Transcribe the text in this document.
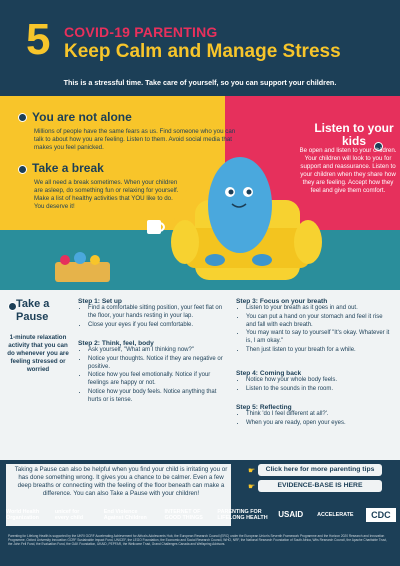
5 COVID-19 PARENTING
Keep Calm and Manage Stress
This is a stressful time. Take care of yourself, so you can support your children.
You are not alone
Millions of people have the same fears as us. Find someone who you can talk to about how you are feeling. Listen to them. Avoid social media that makes you feel panicked.
Take a break
We all need a break sometimes. When your children are asleep, do something fun or relaxing for yourself. Make a list of healthy activities that YOU like to do. You deserve it!
Listen to your kids
Be open and listen to your children. Your children will look to you for support and reassurance. Listen to your children when they share how they are feeling. Accept how they feel and give them comfort.
Take a Pause
1-minute relaxation activity that you can do whenever you are feeling stressed or worried
Step 1: Set up
• Find a comfortable sitting position, your feet flat on the floor, your hands resting in your lap.
• Close your eyes if you feel comfortable.
Step 2: Think, feel, body
• Ask yourself, "What am I thinking now?"
• Notice your thoughts. Notice if they are negative or positive.
• Notice how you feel emotionally. Notice if your feelings are happy or not.
• Notice how your body feels. Notice anything that hurts or is tense.
Step 3: Focus on your breath
• Listen to your breath as it goes in and out.
• You can put a hand on your stomach and feel it rise and fall with each breath.
• You may want to say to yourself "It's okay. Whatever it is, I am okay."
• Then just listen to your breath for a while.
Step 4: Coming back
• Notice how your whole body feels.
• Listen to the sounds in the room.
Step 5: Reflecting
• Think 'do I feel different at all?'.
• When you are ready, open your eyes.
Taking a Pause can also be helpful when you find your child is irritating you or has done something wrong. It gives you a chance to be calmer. Even a few deep breaths or connecting with the feeling of the floor beneath can make a difference. You can also Take a Pause with your children!
☛	Click here for more parenting tips
☛	EVIDENCE-BASE IS HERE
World Health Organization
unicef for every child
End Violence Against Children
INTERNET OF GOOD THINGS
PARENTING FOR LIFELONG HEALTH USAID	ACCELERATE	CDC
Parenting for Lifelong Health is supported by the UKRI GCRF Accelerating Achievement for Africa's Adolescents Hub, the European Research Council (ERC) under the European Union's Seventh Framework Programme and the Horizon 2020 Research and Innovation Programme, Oxford University Innovation GCRF Sustainable Impact Fund, UNICEF, the LEGO Foundation, the Economic and Social Research Council, WHO, NRF, the National Research Foundation of South Africa, Wits Research Council, the Apache Charitable Trust, the John Fell Fund, the Evaluation Fund, the OAK Foundation, UKAID, PEPFAR, the Wellcome Trust, Grand Challenges Canada and Wellspring Advisors.
